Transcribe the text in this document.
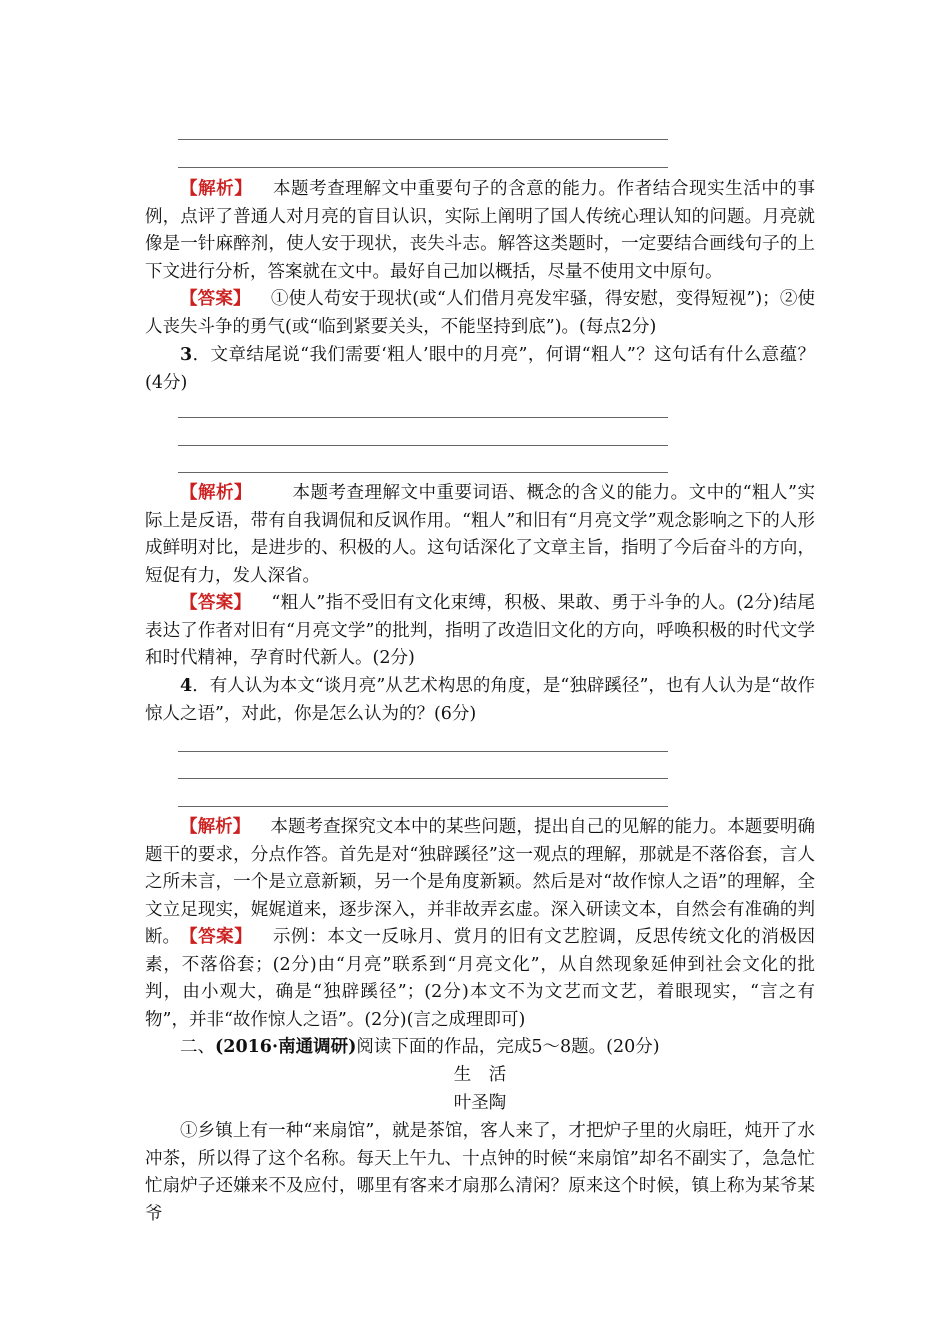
【解析】 本题考查理解文中重要句子的含意的能力。作者结合现实生活中的事例，点评了普通人对月亮的盲目认识，实际上阐明了国人传统心理认知的问题。月亮就像是一针麻醉剂，使人安于现状，丧失斗志。解答这类题时，一定要结合画线句子的上下文进行分析，答案就在文中。最好自己加以概括，尽量不使用文中原句。

【答案】 ①使人苟安于现状(或“人们借月亮发牢骚，得安慰，变得短视”)；②使人丧失斗争的勇气(或“临到紧要关头，不能坚持到底”)。(每点2分)

3．文章结尾说“我们需要‘粗人’眼中的月亮”，何谓“粗人”？这句话有什么意蕴？(4分)

【解析】 本题考查理解文中重要词语、概念的含义的能力。文中的“粗人”实际上是反语，带有自我调侃和反讽作用。“粗人”和旧有“月亮文学”观念影响之下的人形成鲜明对比，是进步的、积极的人。这句话深化了文章主旨，指明了今后奋斗的方向，短促有力，发人深省。

【答案】 “粗人”指不受旧有文化束缚，积极、果敢、勇于斗争的人。(2分)结尾表达了作者对旧有“月亮文学”的批判，指明了改造旧文化的方向，呼唤积极的时代文学和时代精神，孕育时代新人。(2分)

4．有人认为本文“谈月亮”从艺术构思的角度，是“独辟蹊径”，也有人认为是“故作惊人之语”，对此，你是怎么认为的？(6分)

【解析】 本题考查探究文本中的某些问题，提出自己的见解的能力。本题要明确题干的要求，分点作答。首先是对“独辟蹊径”这一观点的理解，那就是不落俗套，言人之所未言，一个是立意新颖，另一个是角度新颖。然后是对“故作惊人之语”的理解，全文立足现实，娓娓道来，逐步深入，并非故弄玄虚。深入研读文本，自然会有准确的判断。 【答案】 示例：本文一反咏月、赏月的旧有文艺腔调，反思传统文化的消极因素，不落俗套；(2分)由“月亮”联系到“月亮文化”，从自然现象延伸到社会文化的批判，由小观大，确是“独辟蹊径”；(2分)本文不为文艺而文艺，着眼现实，“言之有物”，并非“故作惊人之语”。(2分)(言之成理即可)

二、(2016·南通调研)阅读下面的作品，完成5～8题。(20分)

生　活
叶圣陶

①乡镇上有一种“来扇馆”，就是茶馆，客人来了，才把炉子里的火扇旺，炖开了水冲茶，所以得了这个名称。每天上午九、十点钟的时候“来扇馆”却名不副实了，急急忙忙扇炉子还嫌来不及应付，哪里有客来才扇那么清闲？原来这个时候，镇上称为某爷某爷
